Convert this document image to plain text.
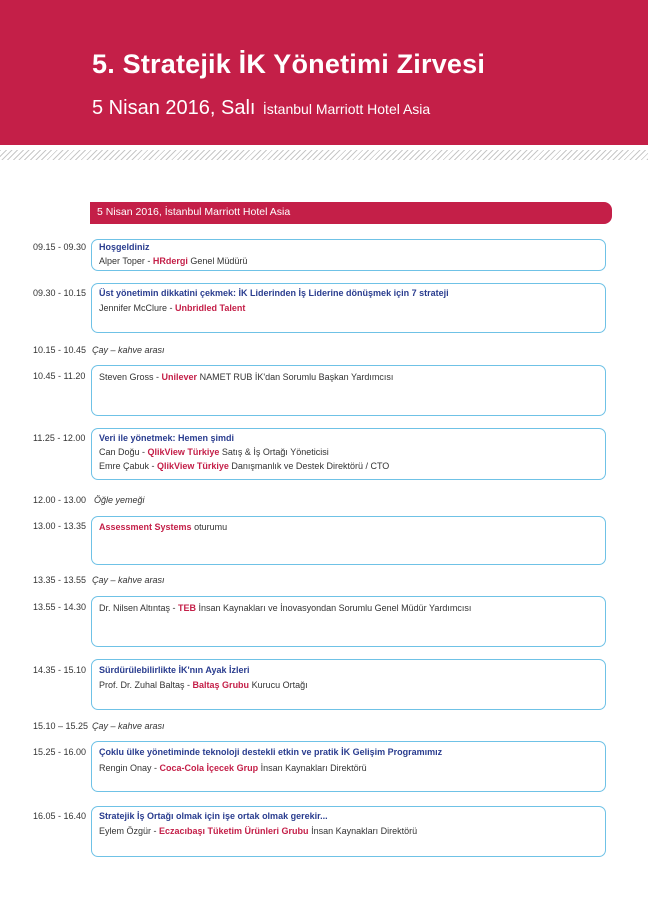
5. Stratejik İK Yönetimi Zirvesi
5 Nisan 2016, Salı İstanbul Marriott Hotel Asia
5 Nisan 2016, İstanbul Marriott Hotel Asia
09.15 - 09.30 Hoşgeldiniz
Alper Toper - HRdergi Genel Müdürü
09.30 - 10.15 Üst yönetimin dikkatini çekmek: İK Liderinden İş Liderine dönüşmek için 7 strateji
Jennifer McClure - Unbridled Talent
10.15 - 10.45 Çay – kahve arası
10.45 - 11.20 Steven Gross - Unilever NAMET RUB İK'dan Sorumlu Başkan Yardımcısı
11.25 - 12.00 Veri ile yönetmek: Hemen şimdi
Can Doğu - QlikView Türkiye Satış & İş Ortağı Yöneticisi
Emre Çabuk - QlikView Türkiye Danışmanlık ve Destek Direktörü / CTO
12.00 - 13.00 Öğle yemeği
13.00 - 13.35 Assessment Systems oturumu
13.35 - 13.55 Çay – kahve arası
13.55 - 14.30 Dr. Nilsen Altıntaş - TEB İnsan Kaynakları ve İnovasyondan Sorumlu Genel Müdür Yardımcısı
14.35 - 15.10 Sürdürülebilirlikte İK'nın Ayak İzleri
Prof. Dr. Zuhal Baltaş - Baltaş Grubu Kurucu Ortağı
15.10 – 15.25 Çay – kahve arası
15.25 - 16.00 Çoklu ülke yönetiminde teknoloji destekli etkin ve pratik İK Gelişim Programımız
Rengin Onay - Coca-Cola İçecek Grup İnsan Kaynakları Direktörü
16.05 - 16.40 Stratejik İş Ortağı olmak için işe ortak olmak gerekir...
Eylem Özgür - Eczacıbaşı Tüketim Ürünleri Grubu İnsan Kaynakları Direktörü
